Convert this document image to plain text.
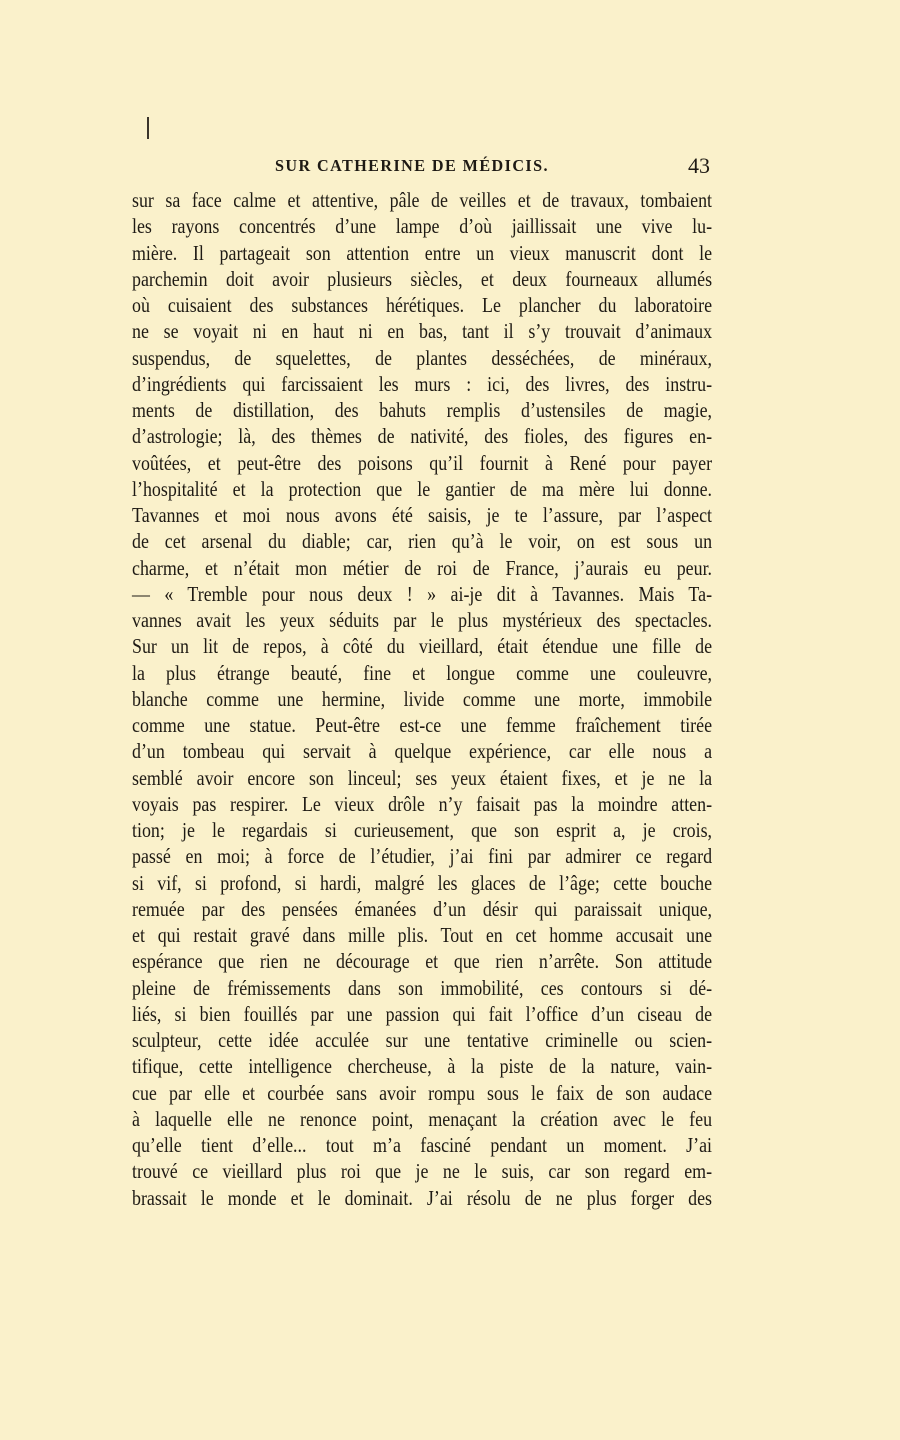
SUR CATHERINE DE MÉDICIS.	43
sur sa face calme et attentive, pâle de veilles et de travaux, tombaient
les rayons concentrés d’une lampe d’où jaillissait une vive lu-
mière. Il partageait son attention entre un vieux manuscrit dont le
parchemin doit avoir plusieurs siècles, et deux fourneaux allumés
où cuisaient des substances hérétiques. Le plancher du laboratoire
ne se voyait ni en haut ni en bas, tant il s’y trouvait d’animaux
suspendus, de squelettes, de plantes desséchées, de minéraux,
d’ingrédients qui farcissaient les murs : ici, des livres, des instru-
ments de distillation, des bahuts remplis d’ustensiles de magie,
d’astrologie; là, des thèmes de nativité, des fioles, des figures en-
voûtées, et peut-être des poisons qu’il fournit à René pour payer
l’hospitalité et la protection que le gantier de ma mère lui donne.
Tavannes et moi nous avons été saisis, je te l’assure, par l’aspect
de cet arsenal du diable; car, rien qu’à le voir, on est sous un
charme, et n’était mon métier de roi de France, j’aurais eu peur.
— « Tremble pour nous deux ! » ai-je dit à Tavannes. Mais Ta-
vannes avait les yeux séduits par le plus mystérieux des spectacles.
Sur un lit de repos, à côté du vieillard, était étendue une fille de
la plus étrange beauté, fine et longue comme une couleuvre,
blanche comme une hermine, livide comme une morte, immobile
comme une statue. Peut-être est-ce une femme fraîchement tirée
d’un tombeau qui servait à quelque expérience, car elle nous a
semblé avoir encore son linceul; ses yeux étaient fixes, et je ne la
voyais pas respirer. Le vieux drôle n’y faisait pas la moindre atten-
tion; je le regardais si curieusement, que son esprit a, je crois,
passé en moi; à force de l’étudier, j’ai fini par admirer ce regard
si vif, si profond, si hardi, malgré les glaces de l’âge; cette bouche
remuée par des pensées émanées d’un désir qui paraissait unique,
et qui restait gravé dans mille plis. Tout en cet homme accusait une
espérance que rien ne décourage et que rien n’arrête. Son attitude
pleine de frémissements dans son immobilité, ces contours si dé-
liés, si bien fouillés par une passion qui fait l’office d’un ciseau de
sculpteur, cette idée acculée sur une tentative criminelle ou scien-
tifique, cette intelligence chercheuse, à la piste de la nature, vain-
cue par elle et courbée sans avoir rompu sous le faix de son audace
à laquelle elle ne renonce point, menaçant la création avec le feu
qu’elle tient d’elle... tout m’a fasciné pendant un moment. J’ai
trouvé ce vieillard plus roi que je ne le suis, car son regard em-
brassait le monde et le dominait. J’ai résolu de ne plus forger des
